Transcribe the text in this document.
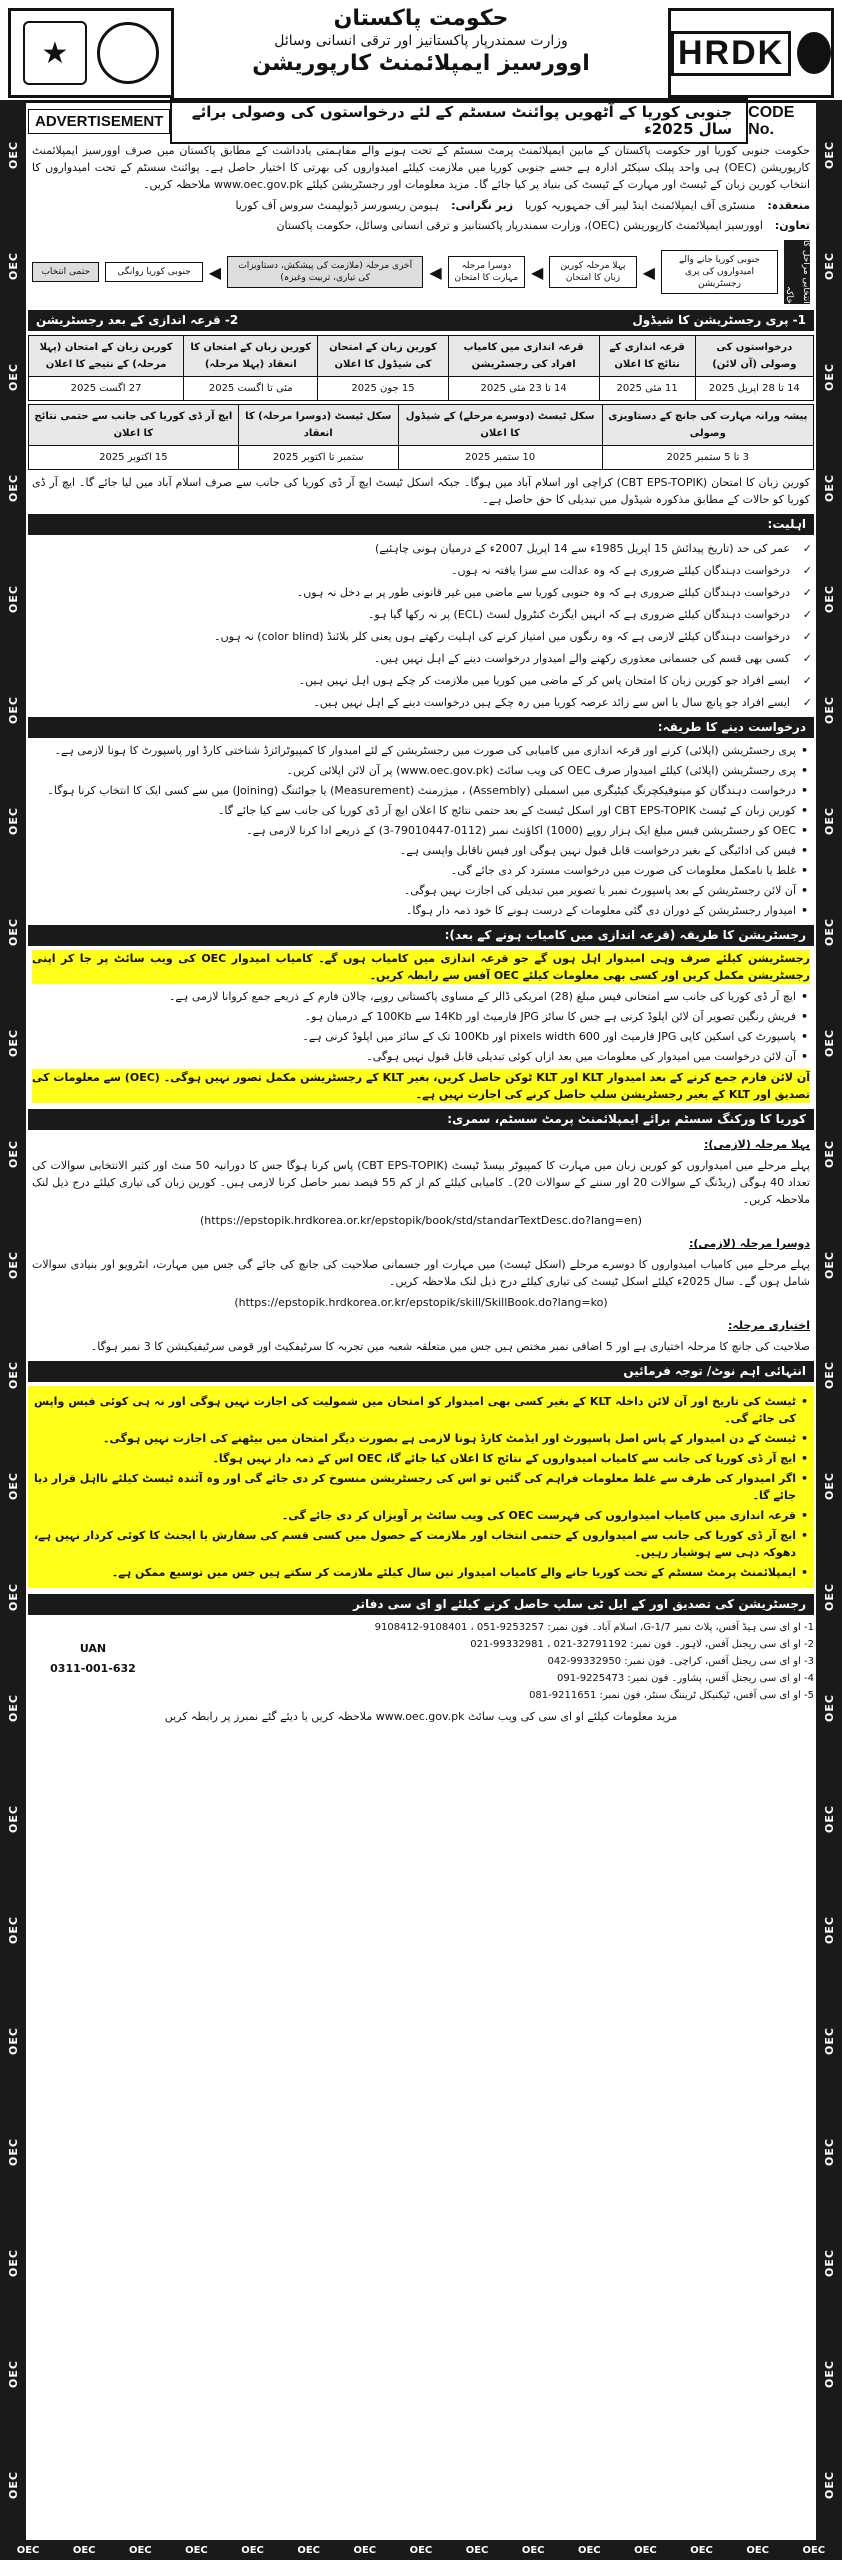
★
حکومت پاکستان
وزارت سمندرپار پاکستانیز اور ترقی انسانی وسائل
اوورسیز ایمپلائمنٹ کارپوریشن	HRDK
OEC
OEC
OEC
OEC
OEC
OEC
OEC
OEC
OEC
OEC
OEC
OEC
OEC
OEC
OEC
OEC
OEC
OEC
OEC
OEC
OEC
OEC
OEC
OEC
OEC
OEC
OEC
OEC
OEC
OEC
OEC
OEC
OEC
OEC
OEC
OEC
OEC
OEC
OEC
OEC
OEC
OEC
OEC
OEC
ADVERTISEMENT	جنوبی کوریا کے آٹھویں پوائنٹ سسٹم کے لئے درخواستوں کی وصولی برائے سال 2025ء
CODE No.
حکومت جنوبی کوریا اور حکومت پاکستان کے مابین ایمپلائمنٹ پرمٹ سسٹم کے تحت ہونے والے مفاہمتی یادداشت کے مطابق پاکستان میں صرف اوورسیز ایمپلائمنٹ کارپوریشن (OEC) ہی واحد پبلک سیکٹر ادارہ ہے جسے جنوبی کوریا میں ملازمت کیلئے امیدواروں کی بھرتی کا اختیار حاصل ہے۔ پوائنٹ سسٹم کے تحت امیدواروں کا انتخاب کورین زبان کے ٹیسٹ اور مہارت کے ٹیسٹ کی بنیاد پر کیا جائے گا۔ مزید معلومات اور رجسٹریشن کیلئے www.oec.gov.pk ملاحظہ کریں۔
منعقدہ:
منسٹری آف ایمپلائمنٹ اینڈ لیبر آف جمہوریہ کوریا
زیر نگرانی:
ہیومن ریسورسز ڈیولپمنٹ سروس آف کوریا
تعاون:
اوورسیز ایمپلائمنٹ کارپوریشن (OEC)، وزارت سمندرپار پاکستانیز و ترقی انسانی وسائل، حکومت پاکستان
انتخابی مراحل کا خاکہ
جنوبی کوریا جانے والے امیدواروں کی پری رجسٹریشن
◀
پہلا مرحلہ کورین زبان کا امتحان
◀
دوسرا مرحلہ مہارت کا امتحان
◀
آخری مرحلہ (ملازمت کی پیشکش، دستاویزات کی تیاری، تربیت وغیرہ)
◀
جنوبی کوریا روانگی
حتمی انتخاب
1- پری رجسٹریشن کا شیڈول
2- قرعہ اندازی کے بعد رجسٹریشن
درخواستوں کی وصولی (آن لائن)	قرعہ اندازی کے نتائج کا اعلان	قرعہ اندازی میں کامیاب افراد کی رجسٹریشن	کورین زبان کے امتحان کی شیڈول کا اعلان	کورین زبان کے امتحان کا انعقاد (پہلا مرحلہ)	کورین زبان کے امتحان (پہلا مرحلہ) کے نتیجے کا اعلان
14 تا 28 اپریل 2025	11 مئی 2025	14 تا 23 مئی 2025	15 جون 2025	مئی تا اگست 2025	27 اگست 2025
پیشہ ورانہ مہارت کی جانچ کے دستاویزی وصولی	سکل ٹیسٹ (دوسرے مرحلے) کے شیڈول کا اعلان	سکل ٹیسٹ (دوسرا مرحلہ) کا انعقاد	ایچ آر ڈی کوریا کی جانب سے حتمی نتائج کا اعلان
3 تا 5 ستمبر 2025	10 ستمبر 2025	ستمبر تا اکتوبر 2025	15 اکتوبر 2025
کورین زبان کا امتحان (CBT EPS-TOPIK) کراچی اور اسلام آباد میں ہوگا۔ جبکہ اسکل ٹیسٹ ایچ آر ڈی کوریا کی جانب سے صرف اسلام آباد میں لیا جائے گا۔ ایچ آر ڈی کوریا کو حالات کے مطابق مذکورہ شیڈول میں تبدیلی کا حق حاصل ہے۔
اہلیت:
✓ عمر کی حد (تاریخ پیدائش 15 اپریل 1985ء سے 14 اپریل 2007ء کے درمیان ہونی چاہئیے)
✓ درخواست دہندگان کیلئے ضروری ہے کہ وہ عدالت سے سزا یافتہ نہ ہوں۔
✓ درخواست دہندگان کیلئے ضروری ہے کہ وہ جنوبی کوریا سے ماضی میں غیر قانونی طور پر بے دخل نہ ہوں۔
✓ درخواست دہندگان کیلئے ضروری ہے کہ انہیں ایگزٹ کنٹرول لسٹ (ECL) پر نہ رکھا گیا ہو۔
✓ درخواست دہندگان کیلئے لازمی ہے کہ وہ رنگوں میں امتیاز کرنے کی اہلیت رکھتے ہوں یعنی کلر بلائنڈ (color blind) نہ ہوں۔
✓ کسی بھی قسم کی جسمانی معذوری رکھنے والے امیدوار درخواست دینے کے اہل نہیں ہیں۔
✓ ایسے افراد جو کورین زبان کا امتحان پاس کر کے ماضی میں کوریا میں ملازمت کر چکے ہوں اہل نہیں ہیں۔
✓ ایسے افراد جو پانچ سال یا اس سے زائد عرصہ کوریا میں رہ چکے ہیں درخواست دینے کے اہل نہیں ہیں۔
درخواست دینے کا طریقہ:
• پری رجسٹریشن (اپلائی) کرنے اور قرعہ اندازی میں کامیابی کی صورت میں رجسٹریشن کے لئے امیدوار کا کمپیوٹرائزڈ شناختی کارڈ اور پاسپورٹ کا ہونا لازمی ہے۔
• پری رجسٹریشن (اپلائی) کیلئے امیدوار صرف OEC کی ویب سائٹ (www.oec.gov.pk) پر آن لائن اپلائی کریں۔
• درخواست دہندگان کو مینوفیکچرنگ کیٹیگری میں اسمبلی (Assembly) ، میژرمنٹ (Measurement) یا جوائننگ (Joining) میں سے کسی ایک کا انتخاب کرنا ہوگا۔
• کورین زبان کے ٹیسٹ CBT EPS-TOPIK اور اسکل ٹیسٹ کے بعد حتمی نتائج کا اعلان ایچ آر ڈی کوریا کی جانب سے کیا جائے گا۔
• OEC کو رجسٹریشن فیس مبلغ ایک ہزار روپے (1000) اکاؤنٹ نمبر (0112-79010447-3) کے ذریعے ادا کرنا لازمی ہے۔
• فیس کی ادائیگی کے بغیر درخواست قابل قبول نہیں ہوگی اور فیس ناقابل واپسی ہے۔
• غلط یا نامکمل معلومات کی صورت میں درخواست مسترد کر دی جائے گی۔
• آن لائن رجسٹریشن کے بعد پاسپورٹ نمبر یا تصویر میں تبدیلی کی اجازت نہیں ہوگی۔
• امیدوار رجسٹریشن کے دوران دی گئی معلومات کے درست ہونے کا خود ذمہ دار ہوگا۔
رجسٹریشن کا طریقہ (قرعہ اندازی میں کامیاب ہونے کے بعد):
رجسٹریشن کیلئے صرف وہی امیدوار اہل ہوں گے جو قرعہ اندازی میں کامیاب ہوں گے۔ کامیاب امیدوار OEC کی ویب سائٹ پر جا کر اپنی رجسٹریشن مکمل کریں اور کسی بھی معلومات کیلئے OEC آفس سے رابطہ کریں۔
• ایچ آر ڈی کوریا کی جانب سے امتحانی فیس مبلغ (28) امریکی ڈالر کے مساوی پاکستانی روپے، چالان فارم کے ذریعے جمع کروانا لازمی ہے۔
• فریش رنگین تصویر آن لائن اپلوڈ کرنی ہے جس کا سائز JPG فارمیٹ اور 14Kb سے 100Kb کے درمیان ہو۔
• پاسپورٹ کی اسکین کاپی JPG فارمیٹ اور 600 pixels width اور 100Kb تک کے سائز میں اپلوڈ کرنی ہے۔
• آن لائن درخواست میں امیدوار کی معلومات میں بعد ازاں کوئی تبدیلی قابل قبول نہیں ہوگی۔
آن لائن فارم جمع کرنے کے بعد امیدوار KLT اور KLT ٹوکن حاصل کریں، بغیر KLT کے رجسٹریشن مکمل تصور نہیں ہوگی۔ (OEC) سے معلومات کی تصدیق اور KLT کے بغیر رجسٹریشن سلپ حاصل کرنے کی اجازت نہیں ہے۔
کوریا کا ورکنگ سسٹم برائے ایمپلائمنٹ پرمٹ سسٹم، سمری:
پہلا مرحلہ (لازمی):
پہلے مرحلے میں امیدواروں کو کورین زبان میں مہارت کا کمپیوٹر بیسڈ ٹیسٹ (CBT EPS-TOPIK) پاس کرنا ہوگا جس کا دورانیہ 50 منٹ اور کثیر الانتخابی سوالات کی تعداد 40 ہوگی (ریڈنگ کے سوالات 20 اور سننے کے سوالات 20)۔ کامیابی کیلئے کم از کم 55 فیصد نمبر حاصل کرنا لازمی ہیں۔ کورین زبان کی تیاری کیلئے درج ذیل لنک ملاحظہ کریں۔
(https://epstopik.hrdkorea.or.kr/epstopik/book/std/standarTextDesc.do?lang=en)
دوسرا مرحلہ (لازمی):
پہلے مرحلے میں کامیاب امیدواروں کا دوسرے مرحلے (اسکل ٹیسٹ) میں مہارت اور جسمانی صلاحیت کی جانچ کی جائے گی جس میں مہارت، انٹرویو اور بنیادی سوالات شامل ہوں گے۔ سال 2025ء کیلئے اسکل ٹیسٹ کی تیاری کیلئے درج ذیل لنک ملاحظہ کریں۔
(https://epstopik.hrdkorea.or.kr/epstopik/skill/SkillBook.do?lang=ko)
اختیاری مرحلہ:
صلاحیت کی جانچ کا مرحلہ اختیاری ہے اور 5 اضافی نمبر مختص ہیں جس میں متعلقہ شعبہ میں تجربہ کا سرٹیفکیٹ اور قومی سرٹیفیکیشن کا 3 نمبر ہوگا۔
انتہائی اہم نوٹ/ توجہ فرمائیں
• ٹیسٹ کی تاریخ اور آن لائن داخلہ KLT کے بغیر کسی بھی امیدوار کو امتحان میں شمولیت کی اجازت نہیں ہوگی اور نہ ہی کوئی فیس واپس کی جائے گی۔
• ٹیسٹ کے دن امیدوار کے پاس اصل پاسپورٹ اور ایڈمٹ کارڈ ہونا لازمی ہے بصورت دیگر امتحان میں بیٹھنے کی اجازت نہیں ہوگی۔
• ایچ آر ڈی کوریا کی جانب سے کامیاب امیدواروں کے نتائج کا اعلان کیا جائے گا، OEC اس کے ذمہ دار نہیں ہوگا۔
• اگر امیدوار کی طرف سے غلط معلومات فراہم کی گئیں تو اس کی رجسٹریشن منسوخ کر دی جائے گی اور وہ آئندہ ٹیسٹ کیلئے نااہل قرار دیا جائے گا۔
• قرعہ اندازی میں کامیاب امیدواروں کی فہرست OEC کی ویب سائٹ پر آویزاں کر دی جائے گی۔
• ایچ آر ڈی کوریا کی جانب سے امیدواروں کے حتمی انتخاب اور ملازمت کے حصول میں کسی قسم کی سفارش یا ایجنٹ کا کوئی کردار نہیں ہے، دھوکہ دہی سے ہوشیار رہیں۔
• ایمپلائمنٹ پرمٹ سسٹم کے تحت کوریا جانے والے کامیاب امیدوار تین سال کیلئے ملازمت کر سکتے ہیں جس میں توسیع ممکن ہے۔
رجسٹریشن کی تصدیق اور کے ایل ٹی سلپ حاصل کرنے کیلئے او ای سی دفاتر
UAN
0311-001-632
1- او ای سی ہیڈ آفس، پلاٹ نمبر 1/7-G، اسلام آباد۔ فون نمبر: 9253257-051 ، 9108401-9108412
2- او ای سی ریجنل آفس، لاہور۔ فون نمبر: 32791192-021 ، 99332981-021
3- او ای سی ریجنل آفس، کراچی۔ فون نمبر: 99332950-042
4- او ای سی ریجنل آفس، پشاور۔ فون نمبر: 9225473-091
5- او ای سی آفس، ٹیکنیکل ٹریننگ سنٹر، فون نمبر: 9211651-081
مزید معلومات کیلئے او ای سی کی ویب سائٹ www.oec.gov.pk ملاحظہ کریں یا دیئے گئے نمبرز پر رابطہ کریں
OEC	OEC	OEC	OEC	OEC	OEC	OEC	OEC	OEC	OEC	OEC	OEC	OEC	OEC	OEC
